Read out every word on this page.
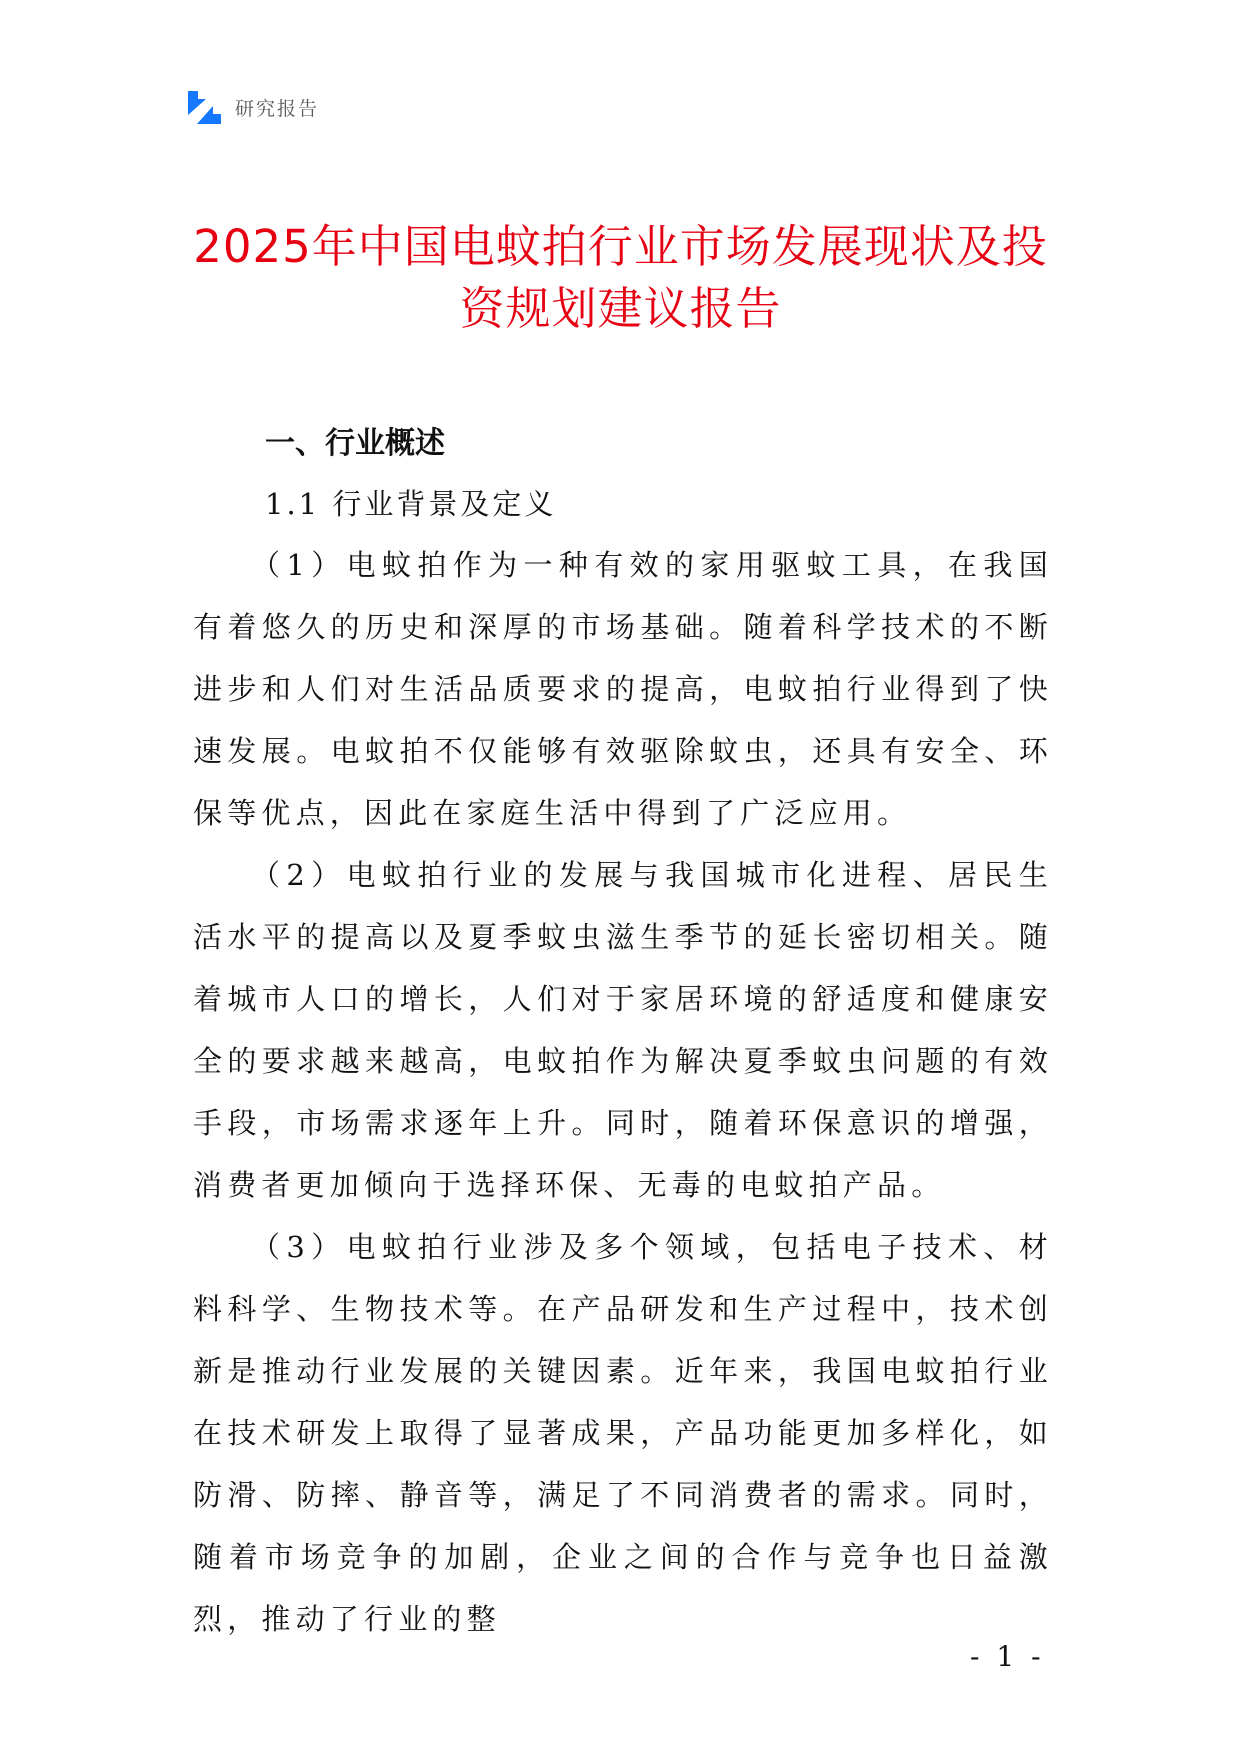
研究报告
2025年中国电蚊拍行业市场发展现状及投
资规划建议报告
一、行业概述
1.1 行业背景及定义

（1）电蚊拍作为一种有效的家用驱蚊工具，在我国有着悠久的历史和深厚的市场基础。随着科学技术的不断进步和人们对生活品质要求的提高，电蚊拍行业得到了快速发展。电蚊拍不仅能够有效驱除蚊虫，还具有安全、环保等优点，因此在家庭生活中得到了广泛应用。

（2）电蚊拍行业的发展与我国城市化进程、居民生活水平的提高以及夏季蚊虫滋生季节的延长密切相关。随着城市人口的增长，人们对于家居环境的舒适度和健康安全的要求越来越高，电蚊拍作为解决夏季蚊虫问题的有效手段，市场需求逐年上升。同时，随着环保意识的增强，消费者更加倾向于选择环保、无毒的电蚊拍产品。

（3）电蚊拍行业涉及多个领域，包括电子技术、材料科学、生物技术等。在产品研发和生产过程中，技术创新是推动行业发展的关键因素。近年来，我国电蚊拍行业在技术研发上取得了显著成果，产品功能更加多样化，如防滑、防摔、静音等，满足了不同消费者的需求。同时，随着市场竞争的加剧，企业之间的合作与竞争也日益激烈，推动了行业的整

- 1 -
